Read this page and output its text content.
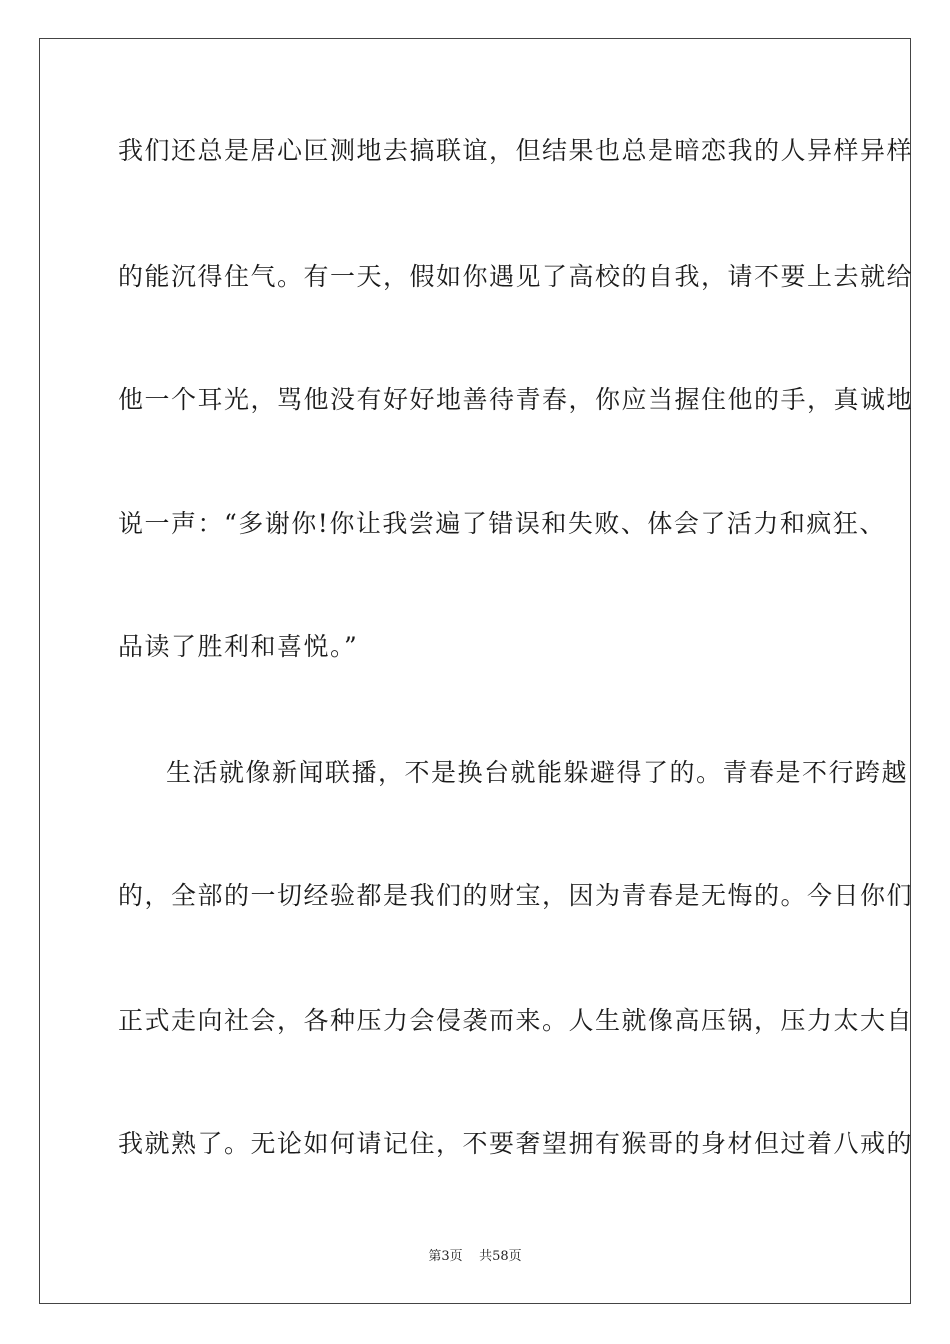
我们还总是居心叵测地去搞联谊，但结果也总是暗恋我的人异样异样
的能沉得住气。有一天，假如你遇见了高校的自我，请不要上去就给
他一个耳光，骂他没有好好地善待青春，你应当握住他的手，真诚地
说一声：“多谢你!你让我尝遍了错误和失败、体会了活力和疯狂、
品读了胜利和喜悦。”
生活就像新闻联播，不是换台就能躲避得了的。青春是不行跨越
的，全部的一切经验都是我们的财宝，因为青春是无悔的。今日你们
正式走向社会，各种压力会侵袭而来。人生就像高压锅，压力太大自
我就熟了。无论如何请记住，不要奢望拥有猴哥的身材但过着八戒的
第3页 共58页
